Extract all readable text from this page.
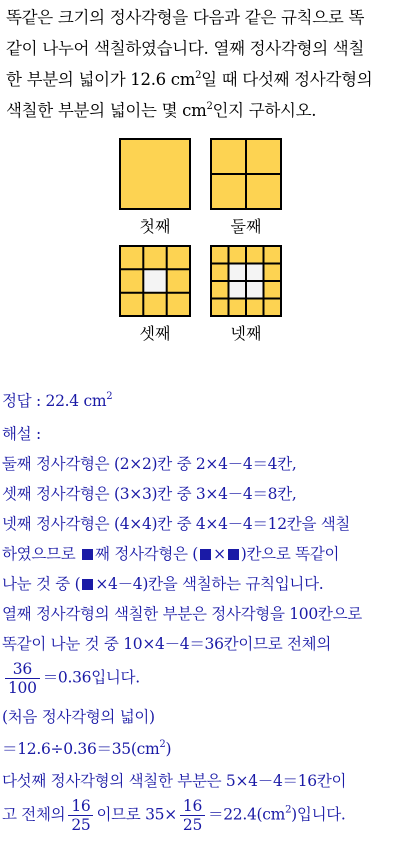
똑같은 크기의 정사각형을 다음과 같은 규칙으로 똑

같이 나누어 색칠하였습니다. 열째 정사각형의 색칠

한 부분의 넓이가 12.6 $cm^2$일 때 다섯째 정사각형의

색칠한 부분의 넓이는 몇 $cm^2$인지 구하시오.

첫째	둘째
셋째	넷째
정답 : 22.4 $cm^2$
해설 :
둘째 정사각형은 (2×2)칸 중 2×4－4＝4칸,
셋째 정사각형은 (3×3)칸 중 3×4－4＝8칸,
넷째 정사각형은 (4×4)칸 중 4×4－4＝12칸을 색칠
하였으므로 째 정사각형은 ( × )칸으로 똑같이
나눈 것 중 ( ×4－4)칸을 색칠하는 규칙입니다.
열째 정사각형의 색칠한 부분은 정사각형을 100칸으로
똑같이 나눈 것 중 10×4－4＝36칸이므로 전체의
$\frac{36}{100} =0.36$입니다.
(처음 정사각형의 넓이)
$=12.6\div 0.36=35(cm^2)$
다섯째 정사각형의 색칠한 부분은 5×4－4＝16칸이
고 전체의 $\frac{16}{25}$ 이므로 $35\times \frac{16}{25} =22.4(cm^2)$입니다.
